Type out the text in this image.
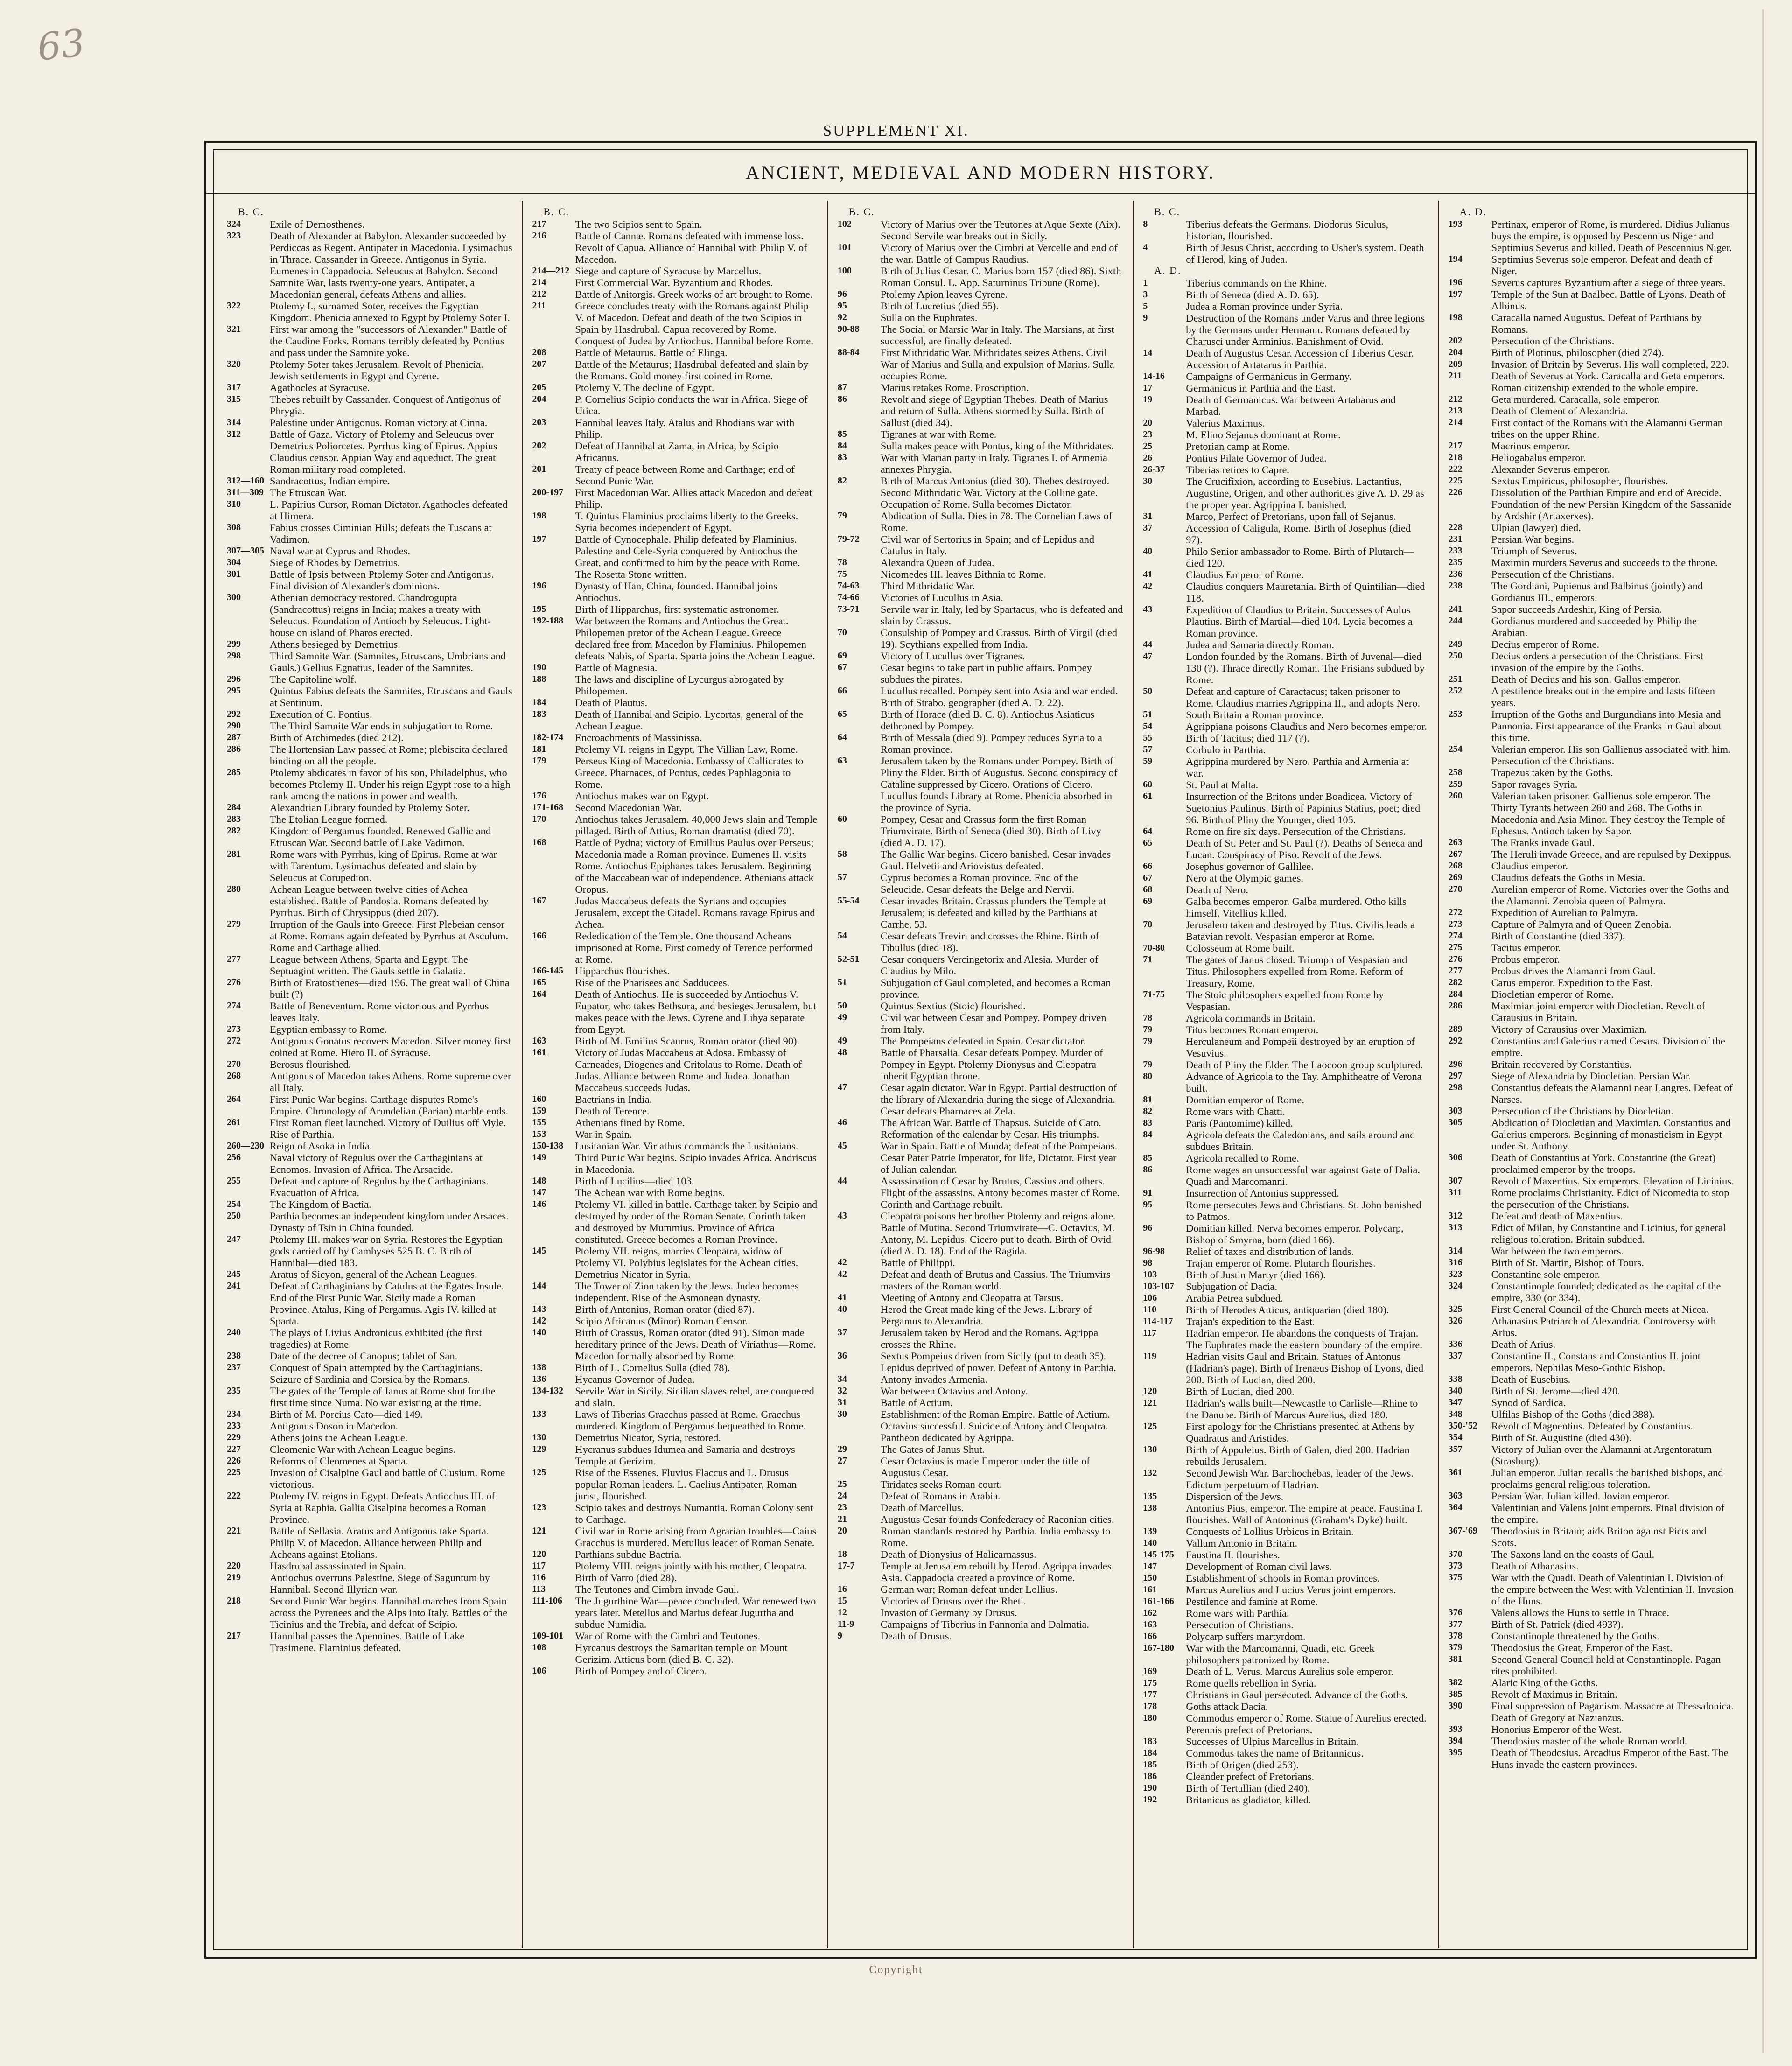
63
SUPPLEMENT XI.
ANCIENT, MEDIEVAL AND MODERN HISTORY.
B. C.
324	Exile of Demosthenes.
323	Death of Alexander at Babylon. Alexander succeeded by Perdiccas as Regent. Antipater in Macedonia. Lysimachus in Thrace. Cassander in Greece. Antigonus in Syria. Eumenes in Cappadocia. Seleucus at Babylon. Second Samnite War, lasts twenty-one years. Antipater, a Macedonian general, defeats Athens and allies.
322	Ptolemy I., surnamed Soter, receives the Egyptian Kingdom. Phenicia annexed to Egypt by Ptolemy Soter I.
321	First war among the "successors of Alexander." Battle of the Caudine Forks. Romans terribly defeated by Pontius and pass under the Samnite yoke.
320	Ptolemy Soter takes Jerusalem. Revolt of Phenicia. Jewish settlements in Egypt and Cyrene.
317	Agathocles at Syracuse.
315	Thebes rebuilt by Cassander. Conquest of Antigonus of Phrygia.
314	Palestine under Antigonus. Roman victory at Cinna.
312	Battle of Gaza. Victory of Ptolemy and Seleucus over Demetrius Poliorcetes. Pyrrhus king of Epirus. Appius Claudius censor. Appian Way and aqueduct. The great Roman military road completed.
312—160 Sandracottus, Indian empire.
311—309 The Etruscan War.
310	L. Papirius Cursor, Roman Dictator. Agathocles defeated at Himera.
308	Fabius crosses Ciminian Hills; defeats the Tuscans at Vadimon.
307—305 Naval war at Cyprus and Rhodes.
304	Siege of Rhodes by Demetrius.
301	Battle of Ipsis between Ptolemy Soter and Antigonus. Final division of Alexander's dominions.
300	Athenian democracy restored. Chandrogupta (Sandracottus) reigns in India; makes a treaty with Seleucus. Foundation of Antioch by Seleucus. Light-house on island of Pharos erected.
299	Athens besieged by Demetrius.
298	Third Samnite War. (Samnites, Etruscans, Umbrians and Gauls.) Gellius Egnatius, leader of the Samnites.
296	The Capitoline wolf.
295	Quintus Fabius defeats the Samnites, Etruscans and Gauls at Sentinum.
292	Execution of C. Pontius.
290	The Third Samnite War ends in subjugation to Rome.
287	Birth of Archimedes (died 212).
286	The Hortensian Law passed at Rome; plebiscita declared binding on all the people.
285	Ptolemy abdicates in favor of his son, Philadelphus, who becomes Ptolemy II. Under his reign Egypt rose to a high rank among the nations in power and wealth.
284	Alexandrian Library founded by Ptolemy Soter.
283	The Etolian League formed.
282	Kingdom of Pergamus founded. Renewed Gallic and Etruscan War. Second battle of Lake Vadimon.
281	Rome wars with Pyrrhus, king of Epirus. Rome at war with Tarentum. Lysimachus defeated and slain by Seleucus at Corupedion.
280	Achean League between twelve cities of Achea established. Battle of Pandosia. Romans defeated by Pyrrhus. Birth of Chrysippus (died 207).
279	Irruption of the Gauls into Greece. First Plebeian censor at Rome. Romans again defeated by Pyrrhus at Asculum. Rome and Carthage allied.
277	League between Athens, Sparta and Egypt. The Septuagint written. The Gauls settle in Galatia.
276	Birth of Eratosthenes—died 196. The great wall of China built (?)
274	Battle of Beneventum. Rome victorious and Pyrrhus leaves Italy.
273	Egyptian embassy to Rome.
272	Antigonus Gonatus recovers Macedon. Silver money first coined at Rome. Hiero II. of Syracuse.
270	Berosus flourished.
268	Antigonus of Macedon takes Athens. Rome supreme over all Italy.
264	First Punic War begins. Carthage disputes Rome's Empire. Chronology of Arundelian (Parian) marble ends.
261	First Roman fleet launched. Victory of Duilius off Myle. Rise of Parthia.
260—230 Reign of Asoka in India.
256	Naval victory of Regulus over the Carthaginians at Ecnomos. Invasion of Africa. The Arsacide.
255	Defeat and capture of Regulus by the Carthaginians. Evacuation of Africa.
254	The Kingdom of Bactia.
250	Parthia becomes an independent kingdom under Arsaces. Dynasty of Tsin in China founded.
247	Ptolemy III. makes war on Syria. Restores the Egyptian gods carried off by Cambyses 525 B. C. Birth of Hannibal—died 183.
245	Aratus of Sicyon, general of the Achean Leagues.
241	Defeat of Carthaginians by Catulus at the Egates Insule. End of the First Punic War. Sicily made a Roman Province. Atalus, King of Pergamus. Agis IV. killed at Sparta.
240	The plays of Livius Andronicus exhibited (the first tragedies) at Rome.
238	Date of the decree of Canopus; tablet of San.
237	Conquest of Spain attempted by the Carthaginians. Seizure of Sardinia and Corsica by the Romans.
235	The gates of the Temple of Janus at Rome shut for the first time since Numa. No war existing at the time.
234	Birth of M. Porcius Cato—died 149.
233	Antigonus Doson in Macedon.
229	Athens joins the Achean League.
227	Cleomenic War with Achean League begins.
226	Reforms of Cleomenes at Sparta.
225	Invasion of Cisalpine Gaul and battle of Clusium. Rome victorious.
222	Ptolemy IV. reigns in Egypt. Defeats Antiochus III. of Syria at Raphia. Gallia Cisalpina becomes a Roman Province.
221	Battle of Sellasia. Aratus and Antigonus take Sparta. Philip V. of Macedon. Alliance between Philip and Acheans against Etolians.
220	Hasdrubal assassinated in Spain.
219	Antiochus overruns Palestine. Siege of Saguntum by Hannibal. Second Illyrian war.
218	Second Punic War begins. Hannibal marches from Spain across the Pyrenees and the Alps into Italy. Battles of the Ticinius and the Trebia, and defeat of Scipio.
217	Hannibal passes the Apennines. Battle of Lake Trasimene. Flaminius defeated.
B. C.
217	The two Scipios sent to Spain.
216	Battle of Cannæ. Romans defeated with immense loss. Revolt of Capua. Alliance of Hannibal with Philip V. of Macedon.
214—212 Siege and capture of Syracuse by Marcellus.
214	First Commercial War. Byzantium and Rhodes.
212	Battle of Anitorgis. Greek works of art brought to Rome.
211	Greece concludes treaty with the Romans against Philip V. of Macedon. Defeat and death of the two Scipios in Spain by Hasdrubal. Capua recovered by Rome. Conquest of Judea by Antiochus. Hannibal before Rome.
208	Battle of Metaurus. Battle of Elinga.
207	Battle of the Metaurus; Hasdrubal defeated and slain by the Romans. Gold money first coined in Rome.
205	Ptolemy V. The decline of Egypt.
204	P. Cornelius Scipio conducts the war in Africa. Siege of Utica.
203	Hannibal leaves Italy. Atalus and Rhodians war with Philip.
202	Defeat of Hannibal at Zama, in Africa, by Scipio Africanus.
201	Treaty of peace between Rome and Carthage; end of Second Punic War.
200-197	First Macedonian War. Allies attack Macedon and defeat Philip.
198	T. Quintus Flaminius proclaims liberty to the Greeks. Syria becomes independent of Egypt.
197	Battle of Cynocephale. Philip defeated by Flaminius. Palestine and Cele-Syria conquered by Antiochus the Great, and confirmed to him by the peace with Rome. The Rosetta Stone written.
196	Dynasty of Han, China, founded. Hannibal joins Antiochus.
195	Birth of Hipparchus, first systematic astronomer.
192-188	War between the Romans and Antiochus the Great. Philopemen pretor of the Achean League. Greece declared free from Macedon by Flaminius. Philopemen defeats Nabis, of Sparta. Sparta joins the Achean League.
190	Battle of Magnesia.
188	The laws and discipline of Lycurgus abrogated by Philopemen.
184	Death of Plautus.
183	Death of Hannibal and Scipio. Lycortas, general of the Achean League.
182-174	Encroachments of Massinissa.
181	Ptolemy VI. reigns in Egypt. The Villian Law, Rome.
179	Perseus King of Macedonia. Embassy of Callicrates to Greece. Pharnaces, of Pontus, cedes Paphlagonia to Rome.
176	Antiochus makes war on Egypt.
171-168	Second Macedonian War.
170	Antiochus takes Jerusalem. 40,000 Jews slain and Temple pillaged. Birth of Attius, Roman dramatist (died 70).
168	Battle of Pydna; victory of Emillius Paulus over Perseus; Macedonia made a Roman province. Eumenes II. visits Rome. Antiochus Epiphanes takes Jerusalem. Beginning of the Maccabean war of independence. Athenians attack Oropus.
167	Judas Maccabeus defeats the Syrians and occupies Jerusalem, except the Citadel. Romans ravage Epirus and Achea.
166	Rededication of the Temple. One thousand Acheans imprisoned at Rome. First comedy of Terence performed at Rome.
166-145	Hipparchus flourishes.
165	Rise of the Pharisees and Sadducees.
164	Death of Antiochus. He is succeeded by Antiochus V. Eupator, who takes Bethsura, and besieges Jerusalem, but makes peace with the Jews. Cyrene and Libya separate from Egypt.
163	Birth of M. Emilius Scaurus, Roman orator (died 90).
161	Victory of Judas Maccabeus at Adosa. Embassy of Carneades, Diogenes and Critolaus to Rome. Death of Judas. Alliance between Rome and Judea. Jonathan Maccabeus succeeds Judas.
160	Bactrians in India.
159	Death of Terence.
155	Athenians fined by Rome.
153	War in Spain.
150-138	Lusitanian War. Viriathus commands the Lusitanians.
149	Third Punic War begins. Scipio invades Africa. Andriscus in Macedonia.
148	Birth of Lucilius—died 103.
147	The Achean war with Rome begins.
146	Ptolemy VI. killed in battle. Carthage taken by Scipio and destroyed by order of the Roman Senate. Corinth taken and destroyed by Mummius. Province of Africa constituted. Greece becomes a Roman Province.
145	Ptolemy VII. reigns, marries Cleopatra, widow of Ptolemy VI. Polybius legislates for the Achean cities. Demetrius Nicator in Syria.
144	The Tower of Zion taken by the Jews. Judea becomes independent. Rise of the Asmonean dynasty.
143	Birth of Antonius, Roman orator (died 87).
142	Scipio Africanus (Minor) Roman Censor.
140	Birth of Crassus, Roman orator (died 91). Simon made hereditary prince of the Jews. Death of Viriathus—Rome. Macedon formally absorbed by Rome.
138	Birth of L. Cornelius Sulla (died 78).
136	Hycanus Governor of Judea.
134-132	Servile War in Sicily. Sicilian slaves rebel, are conquered and slain.
133	Laws of Tiberias Gracchus passed at Rome. Gracchus murdered. Kingdom of Pergamus bequeathed to Rome.
130	Demetrius Nicator, Syria, restored.
129	Hycranus subdues Idumea and Samaria and destroys Temple at Gerizim.
125	Rise of the Essenes. Fluvius Flaccus and L. Drusus popular Roman leaders. L. Caelius Antipater, Roman jurist, flourished.
123	Scipio takes and destroys Numantia. Roman Colony sent to Carthage.
121	Civil war in Rome arising from Agrarian troubles—Caius Gracchus is murdered. Metullus leader of Roman Senate.
120	Parthians subdue Bactria.
117	Ptolemy VIII. reigns jointly with his mother, Cleopatra.
116	Birth of Varro (died 28).
113	The Teutones and Cimbra invade Gaul.
111-106	The Jugurthine War—peace concluded. War renewed two years later. Metellus and Marius defeat Jugurtha and subdue Numidia.
109-101	War of Rome with the Cimbri and Teutones.
108	Hyrcanus destroys the Samaritan temple on Mount Gerizim. Atticus born (died B. C. 32).
106	Birth of Pompey and of Cicero.
B. C.
102	Victory of Marius over the Teutones at Aque Sexte (Aix). Second Servile war breaks out in Sicily.
101	Victory of Marius over the Cimbri at Vercelle and end of the war. Battle of Campus Raudius.
100	Birth of Julius Cesar. C. Marius born 157 (died 86). Sixth Roman Consul. L. App. Saturninus Tribune (Rome).
96	Ptolemy Apion leaves Cyrene.
95	Birth of Lucretius (died 55).
92	Sulla on the Euphrates.
90-88	The Social or Marsic War in Italy. The Marsians, at first successful, are finally defeated.
88-84	First Mithridatic War. Mithridates seizes Athens. Civil War of Marius and Sulla and expulsion of Marius. Sulla occupies Rome.
87	Marius retakes Rome. Proscription.
86	Revolt and siege of Egyptian Thebes. Death of Marius and return of Sulla. Athens stormed by Sulla. Birth of Sallust (died 34).
85	Tigranes at war with Rome.
84	Sulla makes peace with Pontus, king of the Mithridates.
83	War with Marian party in Italy. Tigranes I. of Armenia annexes Phrygia.
82	Birth of Marcus Antonius (died 30). Thebes destroyed. Second Mithridatic War. Victory at the Colline gate. Occupation of Rome. Sulla becomes Dictator.
79	Abdication of Sulla. Dies in 78. The Cornelian Laws of Rome.
79-72	Civil war of Sertorius in Spain; and of Lepidus and Catulus in Italy.
78	Alexandra Queen of Judea.
75	Nicomedes III. leaves Bithnia to Rome.
74-63	Third Mithridatic War.
74-66	Victories of Lucullus in Asia.
73-71	Servile war in Italy, led by Spartacus, who is defeated and slain by Crassus.
70	Consulship of Pompey and Crassus. Birth of Virgil (died 19). Scythians expelled from India.
69	Victory of Lucullus over Tigranes.
67	Cesar begins to take part in public affairs. Pompey subdues the pirates.
66	Lucullus recalled. Pompey sent into Asia and war ended. Birth of Strabo, geographer (died A. D. 22).
65	Birth of Horace (died B. C. 8). Antiochus Asiaticus dethroned by Pompey.
64	Birth of Messala (died 9). Pompey reduces Syria to a Roman province.
63	Jerusalem taken by the Romans under Pompey. Birth of Pliny the Elder. Birth of Augustus. Second conspiracy of Cataline suppressed by Cicero. Orations of Cicero. Lucullus founds Library at Rome. Phenicia absorbed in the province of Syria.
60	Pompey, Cesar and Crassus form the first Roman Triumvirate. Birth of Seneca (died 30). Birth of Livy (died A. D. 17).
58	The Gallic War begins. Cicero banished. Cesar invades Gaul. Helvetii and Ariovistus defeated.
57	Cyprus becomes a Roman province. End of the Seleucide. Cesar defeats the Belge and Nervii.
55-54	Cesar invades Britain. Crassus plunders the Temple at Jerusalem; is defeated and killed by the Parthians at Carrhe, 53.
54	Cesar defeats Treviri and crosses the Rhine. Birth of Tibullus (died 18).
52-51	Cesar conquers Vercingetorix and Alesia. Murder of Claudius by Milo.
51	Subjugation of Gaul completed, and becomes a Roman province.
50	Quintus Sextius (Stoic) flourished.
49	Civil war between Cesar and Pompey. Pompey driven from Italy.
49	The Pompeians defeated in Spain. Cesar dictator.
48	Battle of Pharsalia. Cesar defeats Pompey. Murder of Pompey in Egypt. Ptolemy Dionysus and Cleopatra inherit Egyptian throne.
47	Cesar again dictator. War in Egypt. Partial destruction of the library of Alexandria during the siege of Alexandria. Cesar defeats Pharnaces at Zela.
46	The African War. Battle of Thapsus. Suicide of Cato. Reformation of the calendar by Cesar. His triumphs.
45	War in Spain. Battle of Munda; defeat of the Pompeians. Cesar Pater Patrie Imperator, for life, Dictator. First year of Julian calendar.
44	Assassination of Cesar by Brutus, Cassius and others. Flight of the assassins. Antony becomes master of Rome. Corinth and Carthage rebuilt.
43	Cleopatra poisons her brother Ptolemy and reigns alone. Battle of Mutina. Second Triumvirate—C. Octavius, M. Antony, M. Lepidus. Cicero put to death. Birth of Ovid (died A. D. 18). End of the Ragida.
42	Battle of Philippi.
42	Defeat and death of Brutus and Cassius. The Triumvirs masters of the Roman world.
41	Meeting of Antony and Cleopatra at Tarsus.
40	Herod the Great made king of the Jews. Library of Pergamus to Alexandria.
37	Jerusalem taken by Herod and the Romans. Agrippa crosses the Rhine.
36	Sextus Pompeius driven from Sicily (put to death 35). Lepidus deprived of power. Defeat of Antony in Parthia.
34	Antony invades Armenia.
32	War between Octavius and Antony.
31	Battle of Actium.
30	Establishment of the Roman Empire. Battle of Actium. Octavius successful. Suicide of Antony and Cleopatra. Pantheon dedicated by Agrippa.
29	The Gates of Janus Shut.
27	Cesar Octavius is made Emperor under the title of Augustus Cesar.
25	Tiridates seeks Roman court.
24	Defeat of Romans in Arabia.
23	Death of Marcellus.
21	Augustus Cesar founds Confederacy of Raconian cities.
20	Roman standards restored by Parthia. India embassy to Rome.
18	Death of Dionysius of Halicarnassus.
17-7	Temple at Jerusalem rebuilt by Herod. Agrippa invades Asia. Cappadocia created a province of Rome.
16	German war; Roman defeat under Lollius.
15	Victories of Drusus over the Rheti.
12	Invasion of Germany by Drusus.
11-9	Campaigns of Tiberius in Pannonia and Dalmatia.
9	Death of Drusus.
B. C.
8	Tiberius defeats the Germans. Diodorus Siculus, historian, flourished.
4	Birth of Jesus Christ, according to Usher's system. Death of Herod, king of Judea.
A. D.
1	Tiberius commands on the Rhine.
3	Birth of Seneca (died A. D. 65).
5	Judea a Roman province under Syria.
9	Destruction of the Romans under Varus and three legions by the Germans under Hermann. Romans defeated by Charusci under Arminius. Banishment of Ovid.
14	Death of Augustus Cesar. Accession of Tiberius Cesar. Accession of Artatarus in Parthia.
14-16	Campaigns of Germanicus in Germany.
17	Germanicus in Parthia and the East.
19	Death of Germanicus. War between Artabarus and Marbad.
20	Valerius Maximus.
23	M. Elino Sejanus dominant at Rome.
25	Pretorian camp at Rome.
26	Pontius Pilate Governor of Judea.
26-37	Tiberias retires to Capre.
30	The Crucifixion, according to Eusebius. Lactantius, Augustine, Origen, and other authorities give A. D. 29 as the proper year. Agrippina I. banished.
31	Marco, Perfect of Pretorians, upon fall of Sejanus.
37	Accession of Caligula, Rome. Birth of Josephus (died 97).
40	Philo Senior ambassador to Rome. Birth of Plutarch—died 120.
41	Claudius Emperor of Rome.
42	Claudius conquers Mauretania. Birth of Quintilian—died 118.
43	Expedition of Claudius to Britain. Successes of Aulus Plautius. Birth of Martial—died 104. Lycia becomes a Roman province.
44	Judea and Samaria directly Roman.
47	London founded by the Romans. Birth of Juvenal—died 130 (?). Thrace directly Roman. The Frisians subdued by Rome.
50	Defeat and capture of Caractacus; taken prisoner to Rome. Claudius marries Agrippina II., and adopts Nero.
51	South Britain a Roman province.
54	Agrippiana poisons Claudius and Nero becomes emperor.
55	Birth of Tacitus; died 117 (?).
57	Corbulo in Parthia.
59	Agrippina murdered by Nero. Parthia and Armenia at war.
60	St. Paul at Malta.
61	Insurrection of the Britons under Boadicea. Victory of Suetonius Paulinus. Birth of Papinius Statius, poet; died 96. Birth of Pliny the Younger, died 105.
64	Rome on fire six days. Persecution of the Christians.
65	Death of St. Peter and St. Paul (?). Deaths of Seneca and Lucan. Conspiracy of Piso. Revolt of the Jews.
66	Josephus governor of Gallilee.
67	Nero at the Olympic games.
68	Death of Nero.
69	Galba becomes emperor. Galba murdered. Otho kills himself. Vitellius killed.
70	Jerusalem taken and destroyed by Titus. Civilis leads a Batavian revolt. Vespasian emperor at Rome.
70-80	Colosseum at Rome built.
71	The gates of Janus closed. Triumph of Vespasian and Titus. Philosophers expelled from Rome. Reform of Treasury, Rome.
71-75	The Stoic philosophers expelled from Rome by Vespasian.
78	Agricola commands in Britain.
79	Titus becomes Roman emperor.
79	Herculaneum and Pompeii destroyed by an eruption of Vesuvius.
79	Death of Pliny the Elder. The Laocoon group sculptured.
80	Advance of Agricola to the Tay. Amphitheatre of Verona built.
81	Domitian emperor of Rome.
82	Rome wars with Chatti.
83	Paris (Pantomime) killed.
84	Agricola defeats the Caledonians, and sails around and subdues Britain.
85	Agricola recalled to Rome.
86	Rome wages an unsuccessful war against Gate of Dalia. Quadi and Marcomanni.
91	Insurrection of Antonius suppressed.
95	Rome persecutes Jews and Christians. St. John banished to Patmos.
96	Domitian killed. Nerva becomes emperor. Polycarp, Bishop of Smyrna, born (died 166).
96-98	Relief of taxes and distribution of lands.
98	Trajan emperor of Rome. Plutarch flourishes.
103	Birth of Justin Martyr (died 166).
103-107	Subjugation of Dacia.
106	Arabia Petrea subdued.
110	Birth of Herodes Atticus, antiquarian (died 180).
114-117	Trajan's expedition to the East.
117	Hadrian emperor. He abandons the conquests of Trajan. The Euphrates made the eastern boundary of the empire.
119	Hadrian visits Gaul and Britain. Statues of Antonus (Hadrian's page). Birth of Irenæus Bishop of Lyons, died 200. Birth of Lucian, died 200.
120	Birth of Lucian, died 200.
121	Hadrian's walls built—Newcastle to Carlisle—Rhine to the Danube. Birth of Marcus Aurelius, died 180.
125	First apology for the Christians presented at Athens by Quadratus and Aristides.
130	Birth of Appuleius. Birth of Galen, died 200. Hadrian rebuilds Jerusalem.
132	Second Jewish War. Barchochebas, leader of the Jews. Edictum perpetuum of Hadrian.
135	Dispersion of the Jews.
138	Antonius Pius, emperor. The empire at peace. Faustina I. flourishes. Wall of Antoninus (Graham's Dyke) built.
139	Conquests of Lollius Urbicus in Britain.
140	Vallum Antonio in Britain.
145-175	Faustina II. flourishes.
147	Development of Roman civil laws.
150	Establishment of schools in Roman provinces.
161	Marcus Aurelius and Lucius Verus joint emperors.
161-166	Pestilence and famine at Rome.
162	Rome wars with Parthia.
163	Persecution of Christians.
166	Polycarp suffers martyrdom.
167-180	War with the Marcomanni, Quadi, etc. Greek philosophers patronized by Rome.
169	Death of L. Verus. Marcus Aurelius sole emperor.
175	Rome quells rebellion in Syria.
177	Christians in Gaul persecuted. Advance of the Goths.
178	Goths attack Dacia.
180	Commodus emperor of Rome. Statue of Aurelius erected. Perennis prefect of Pretorians.
183	Successes of Ulpius Marcellus in Britain.
184	Commodus takes the name of Britannicus.
185	Birth of Origen (died 253).
186	Cleander prefect of Pretorians.
190	Birth of Tertullian (died 240).
192	Britanicus as gladiator, killed.
A. D.
193	Pertinax, emperor of Rome, is murdered. Didius Julianus buys the empire, is opposed by Pescennius Niger and Septimius Severus and killed. Death of Pescennius Niger.
194	Septimius Severus sole emperor. Defeat and death of Niger.
196	Severus captures Byzantium after a siege of three years.
197	Temple of the Sun at Baalbec. Battle of Lyons. Death of Albinus.
198	Caracalla named Augustus. Defeat of Parthians by Romans.
202	Persecution of the Christians.
204	Birth of Plotinus, philosopher (died 274).
209	Invasion of Britain by Severus. His wall completed, 220.
211	Death of Severus at York. Caracalla and Geta emperors. Roman citizenship extended to the whole empire.
212	Geta murdered. Caracalla, sole emperor.
213	Death of Clement of Alexandria.
214	First contact of the Romans with the Alamanni German tribes on the upper Rhine.
217	Macrinus emperor.
218	Heliogabalus emperor.
222	Alexander Severus emperor.
225	Sextus Empiricus, philosopher, flourishes.
226	Dissolution of the Parthian Empire and end of Arecide. Foundation of the new Persian Kingdom of the Sassanide by Ardshir (Artaxerxes).
228	Ulpian (lawyer) died.
231	Persian War begins.
233	Triumph of Severus.
235	Maximin murders Severus and succeeds to the throne.
236	Persecution of the Christians.
238	The Gordiani, Pupienus and Balbinus (jointly) and Gordianus III., emperors.
241	Sapor succeeds Ardeshir, King of Persia.
244	Gordianus murdered and succeeded by Philip the Arabian.
249	Decius emperor of Rome.
250	Decius orders a persecution of the Christians. First invasion of the empire by the Goths.
251	Death of Decius and his son. Gallus emperor.
252	A pestilence breaks out in the empire and lasts fifteen years.
253	Irruption of the Goths and Burgundians into Mesia and Pannonia. First appearance of the Franks in Gaul about this time.
254	Valerian emperor. His son Gallienus associated with him. Persecution of the Christians.
258	Trapezus taken by the Goths.
259	Sapor ravages Syria.
260	Valerian taken prisoner. Gallienus sole emperor. The Thirty Tyrants between 260 and 268. The Goths in Macedonia and Asia Minor. They destroy the Temple of Ephesus. Antioch taken by Sapor.
263	The Franks invade Gaul.
267	The Heruli invade Greece, and are repulsed by Dexippus.
268	Claudius emperor.
269	Claudius defeats the Goths in Mesia.
270	Aurelian emperor of Rome. Victories over the Goths and the Alamanni. Zenobia queen of Palmyra.
272	Expedition of Aurelian to Palmyra.
273	Capture of Palmyra and of Queen Zenobia.
274	Birth of Constantine (died 337).
275	Tacitus emperor.
276	Probus emperor.
277	Probus drives the Alamanni from Gaul.
282	Carus emperor. Expedition to the East.
284	Diocletian emperor of Rome.
286	Maximian joint emperor with Diocletian. Revolt of Carausius in Britain.
289	Victory of Carausius over Maximian.
292	Constantius and Galerius named Cesars. Division of the empire.
296	Britain recovered by Constantius.
297	Siege of Alexandria by Diocletian. Persian War.
298	Constantius defeats the Alamanni near Langres. Defeat of Narses.
303	Persecution of the Christians by Diocletian.
305	Abdication of Diocletian and Maximian. Constantius and Galerius emperors. Beginning of monasticism in Egypt under St. Anthony.
306	Death of Constantius at York. Constantine (the Great) proclaimed emperor by the troops.
307	Revolt of Maxentius. Six emperors. Elevation of Licinius.
311	Rome proclaims Christianity. Edict of Nicomedia to stop the persecution of the Christians.
312	Defeat and death of Maxentius.
313	Edict of Milan, by Constantine and Licinius, for general religious toleration. Britain subdued.
314	War between the two emperors.
316	Birth of St. Martin, Bishop of Tours.
323	Constantine sole emperor.
324	Constantinople founded; dedicated as the capital of the empire, 330 (or 334).
325	First General Council of the Church meets at Nicea.
326	Athanasius Patriarch of Alexandria. Controversy with Arius.
336	Death of Arius.
337	Constantine II., Constans and Constantius II. joint emperors. Nephilas Meso-Gothic Bishop.
338	Death of Eusebius.
340	Birth of St. Jerome—died 420.
347	Synod of Sardica.
348	Ulfilas Bishop of the Goths (died 388).
350-'52	Revolt of Magnentius. Defeated by Constantius.
354	Birth of St. Augustine (died 430).
357	Victory of Julian over the Alamanni at Argentoratum (Strasburg).
361	Julian emperor. Julian recalls the banished bishops, and proclaims general religious toleration.
363	Persian War. Julian killed. Jovian emperor.
364	Valentinian and Valens joint emperors. Final division of the empire.
367-'69	Theodosius in Britain; aids Briton against Picts and Scots.
370	The Saxons land on the coasts of Gaul.
373	Death of Athanasius.
375	War with the Quadi. Death of Valentinian I. Division of the empire between the West with Valentinian II. Invasion of the Huns.
376	Valens allows the Huns to settle in Thrace.
377	Birth of St. Patrick (died 493?).
378	Constantinople threatened by the Goths.
379	Theodosius the Great, Emperor of the East.
381	Second General Council held at Constantinople. Pagan rites prohibited.
382	Alaric King of the Goths.
385	Revolt of Maximus in Britain.
390	Final suppression of Paganism. Massacre at Thessalonica. Death of Gregory at Nazianzus.
393	Honorius Emperor of the West.
394	Theodosius master of the whole Roman world.
395	Death of Theodosius. Arcadius Emperor of the East. The Huns invade the eastern provinces.
Copyright
